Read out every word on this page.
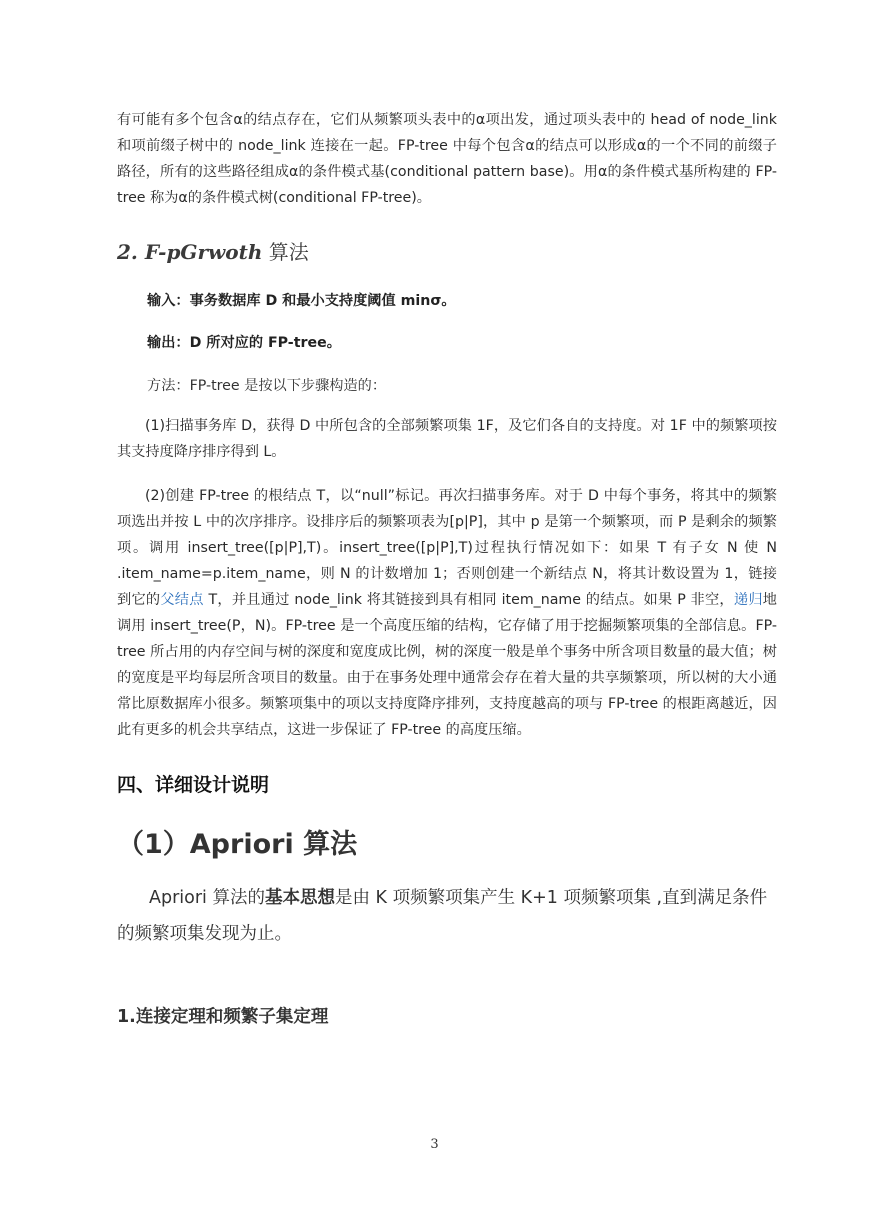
有可能有多个包含α的结点存在，它们从频繁项头表中的α项出发，通过项头表中的 head of node_link 和项前缀子树中的 node_link 连接在一起。FP-tree 中每个包含α的结点可以形成α的一个不同的前缀子路径，所有的这些路径组成α的条件模式基(conditional pattern base)。用α的条件模式基所构建的 FP-tree 称为α的条件模式树(conditional FP-tree)。
2. F-pGrwoth 算法
输入：事务数据库 D 和最小支持度阈值 minσ。
输出：D 所对应的 FP-tree。
方法：FP-tree 是按以下步骤构造的：
(1)扫描事务库 D，获得 D 中所包含的全部频繁项集 1F，及它们各自的支持度。对 1F 中的频繁项按其支持度降序排序得到 L。
(2)创建 FP-tree 的根结点 T，以“null”标记。再次扫描事务库。对于 D 中每个事务，将其中的频繁项选出并按 L 中的次序排序。设排序后的频繁项表为[p|P]，其中 p 是第一个频繁项，而 P 是剩余的频繁项。调用 insert_tree([p|P],T)。insert_tree([p|P],T)过程执行情况如下：如果 T 有子女 N 使 N .item_name=p.item_name，则 N 的计数增加 1；否则创建一个新结点 N，将其计数设置为 1，链接到它的父结点 T，并且通过 node_link 将其链接到具有相同 item_name 的结点。如果 P 非空，递归地调用 insert_tree(P，N)。FP-tree 是一个高度压缩的结构，它存储了用于挖掘频繁项集的全部信息。FP-tree 所占用的内存空间与树的深度和宽度成比例，树的深度一般是单个事务中所含项目数量的最大值；树的宽度是平均每层所含项目的数量。由于在事务处理中通常会存在着大量的共享频繁项，所以树的大小通常比原数据库小很多。频繁项集中的项以支持度降序排列，支持度越高的项与 FP-tree 的根距离越近，因此有更多的机会共享结点，这进一步保证了 FP-tree 的高度压缩。
四、详细设计说明
（1）Apriori 算法
Apriori 算法的基本思想是由 K 项频繁项集产生 K+1 项频繁项集 ,直到满足条件的频繁项集发现为止。
1.连接定理和频繁子集定理
3
